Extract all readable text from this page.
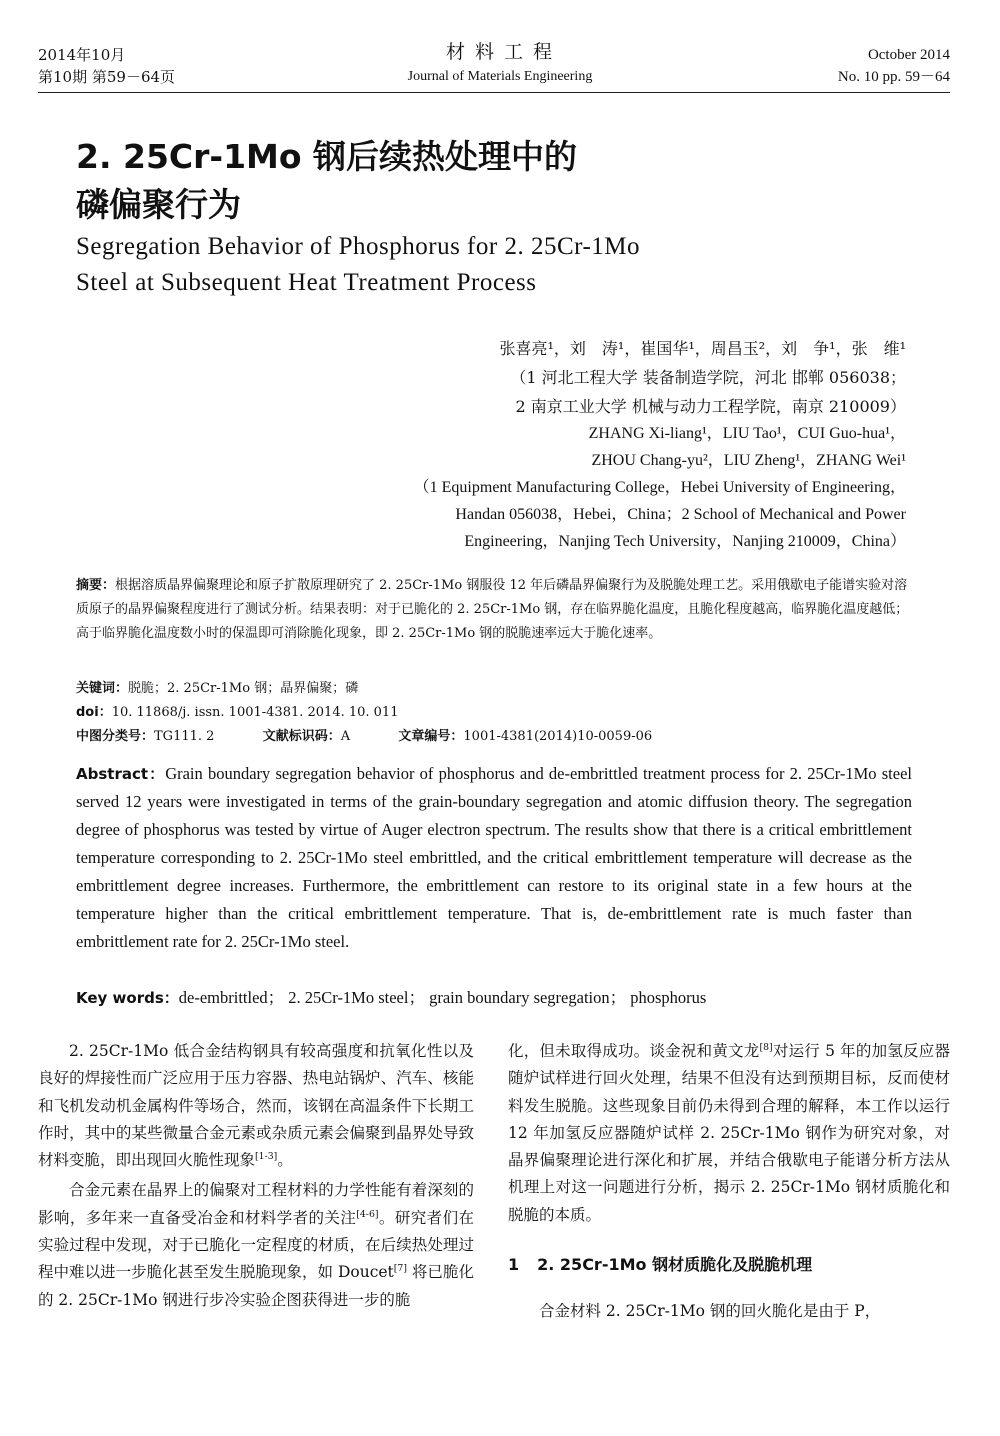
2014年10月
第10期 第59－64页
材 料 工 程
Journal of Materials Engineering
October 2014
No. 10 pp. 59－64
2. 25Cr-1Mo 钢后续热处理中的
磷偏聚行为
Segregation Behavior of Phosphorus for 2. 25Cr-1Mo
Steel at Subsequent Heat Treatment Process
张喜亮¹，刘　涛¹，崔国华¹，周昌玉²，刘　争¹，张　维¹
（1 河北工程大学 装备制造学院，河北 邯郸 056038；
2 南京工业大学 机械与动力工程学院，南京 210009）
ZHANG Xi-liang¹，LIU Tao¹，CUI Guo-hua¹，
ZHOU Chang-yu²，LIU Zheng¹，ZHANG Wei¹
（1 Equipment Manufacturing College，Hebei University of Engineering，
Handan 056038，Hebei，China；2 School of Mechanical and Power
Engineering，Nanjing Tech University，Nanjing 210009，China）
摘要：根据溶质晶界偏聚理论和原子扩散原理研究了 2. 25Cr-1Mo 钢服役 12 年后磷晶界偏聚行为及脱脆处理工艺。采用俄歇电子能谱实验对溶质原子的晶界偏聚程度进行了测试分析。结果表明：对于已脆化的 2. 25Cr-1Mo 钢，存在临界脆化温度，且脆化程度越高，临界脆化温度越低；高于临界脆化温度数小时的保温即可消除脆化现象，即 2. 25Cr-1Mo 钢的脱脆速率远大于脆化速率。
关键词：脱脆；2. 25Cr-1Mo 钢；晶界偏聚；磷
doi：10. 11868/j. issn. 1001-4381. 2014. 10. 011
中图分类号：TG111. 2	文献标识码：A	文章编号：1001-4381(2014)10-0059-06
Abstract：Grain boundary segregation behavior of phosphorus and de-embrittled treatment process for 2. 25Cr-1Mo steel served 12 years were investigated in terms of the grain-boundary segregation and atomic diffusion theory. The segregation degree of phosphorus was tested by virtue of Auger electron spectrum. The results show that there is a critical embrittlement temperature corresponding to 2. 25Cr-1Mo steel embrittled, and the critical embrittlement temperature will decrease as the embrittlement degree increases. Furthermore, the embrittlement can restore to its original state in a few hours at the temperature higher than the critical embrittlement temperature. That is, de-embrittlement rate is much faster than embrittlement rate for 2. 25Cr-1Mo steel.
Key words：de-embrittled； 2. 25Cr-1Mo steel； grain boundary segregation； phosphorus

2. 25Cr-1Mo 低合金结构钢具有较高强度和抗氧化性以及良好的焊接性而广泛应用于压力容器、热电站锅炉、汽车、核能和飞机发动机金属构件等场合，然而，该钢在高温条件下长期工作时，其中的某些微量合金元素或杂质元素会偏聚到晶界处导致材料变脆，即出现回火脆性现象[1-3]。

合金元素在晶界上的偏聚对工程材料的力学性能有着深刻的影响，多年来一直备受冶金和材料学者的关注[4-6]。研究者们在实验过程中发现，对于已脆化一定程度的材质，在后续热处理过程中难以进一步脆化甚至发生脱脆现象，如 Doucet[7] 将已脆化的 2. 25Cr-1Mo 钢进行步冷实验企图获得进一步的脆

化，但未取得成功。谈金祝和黄文龙[8]对运行 5 年的加氢反应器随炉试样进行回火处理，结果不但没有达到预期目标，反而使材料发生脱脆。这些现象目前仍未得到合理的解释，本工作以运行 12 年加氢反应器随炉试样 2. 25Cr-1Mo 钢作为研究对象，对晶界偏聚理论进行深化和扩展，并结合俄歇电子能谱分析方法从机理上对这一问题进行分析，揭示 2. 25Cr-1Mo 钢材质脆化和脱脆的本质。

1 2. 25Cr-1Mo 钢材质脆化及脱脆机理

合金材料 2. 25Cr-1Mo 钢的回火脆化是由于 P，
